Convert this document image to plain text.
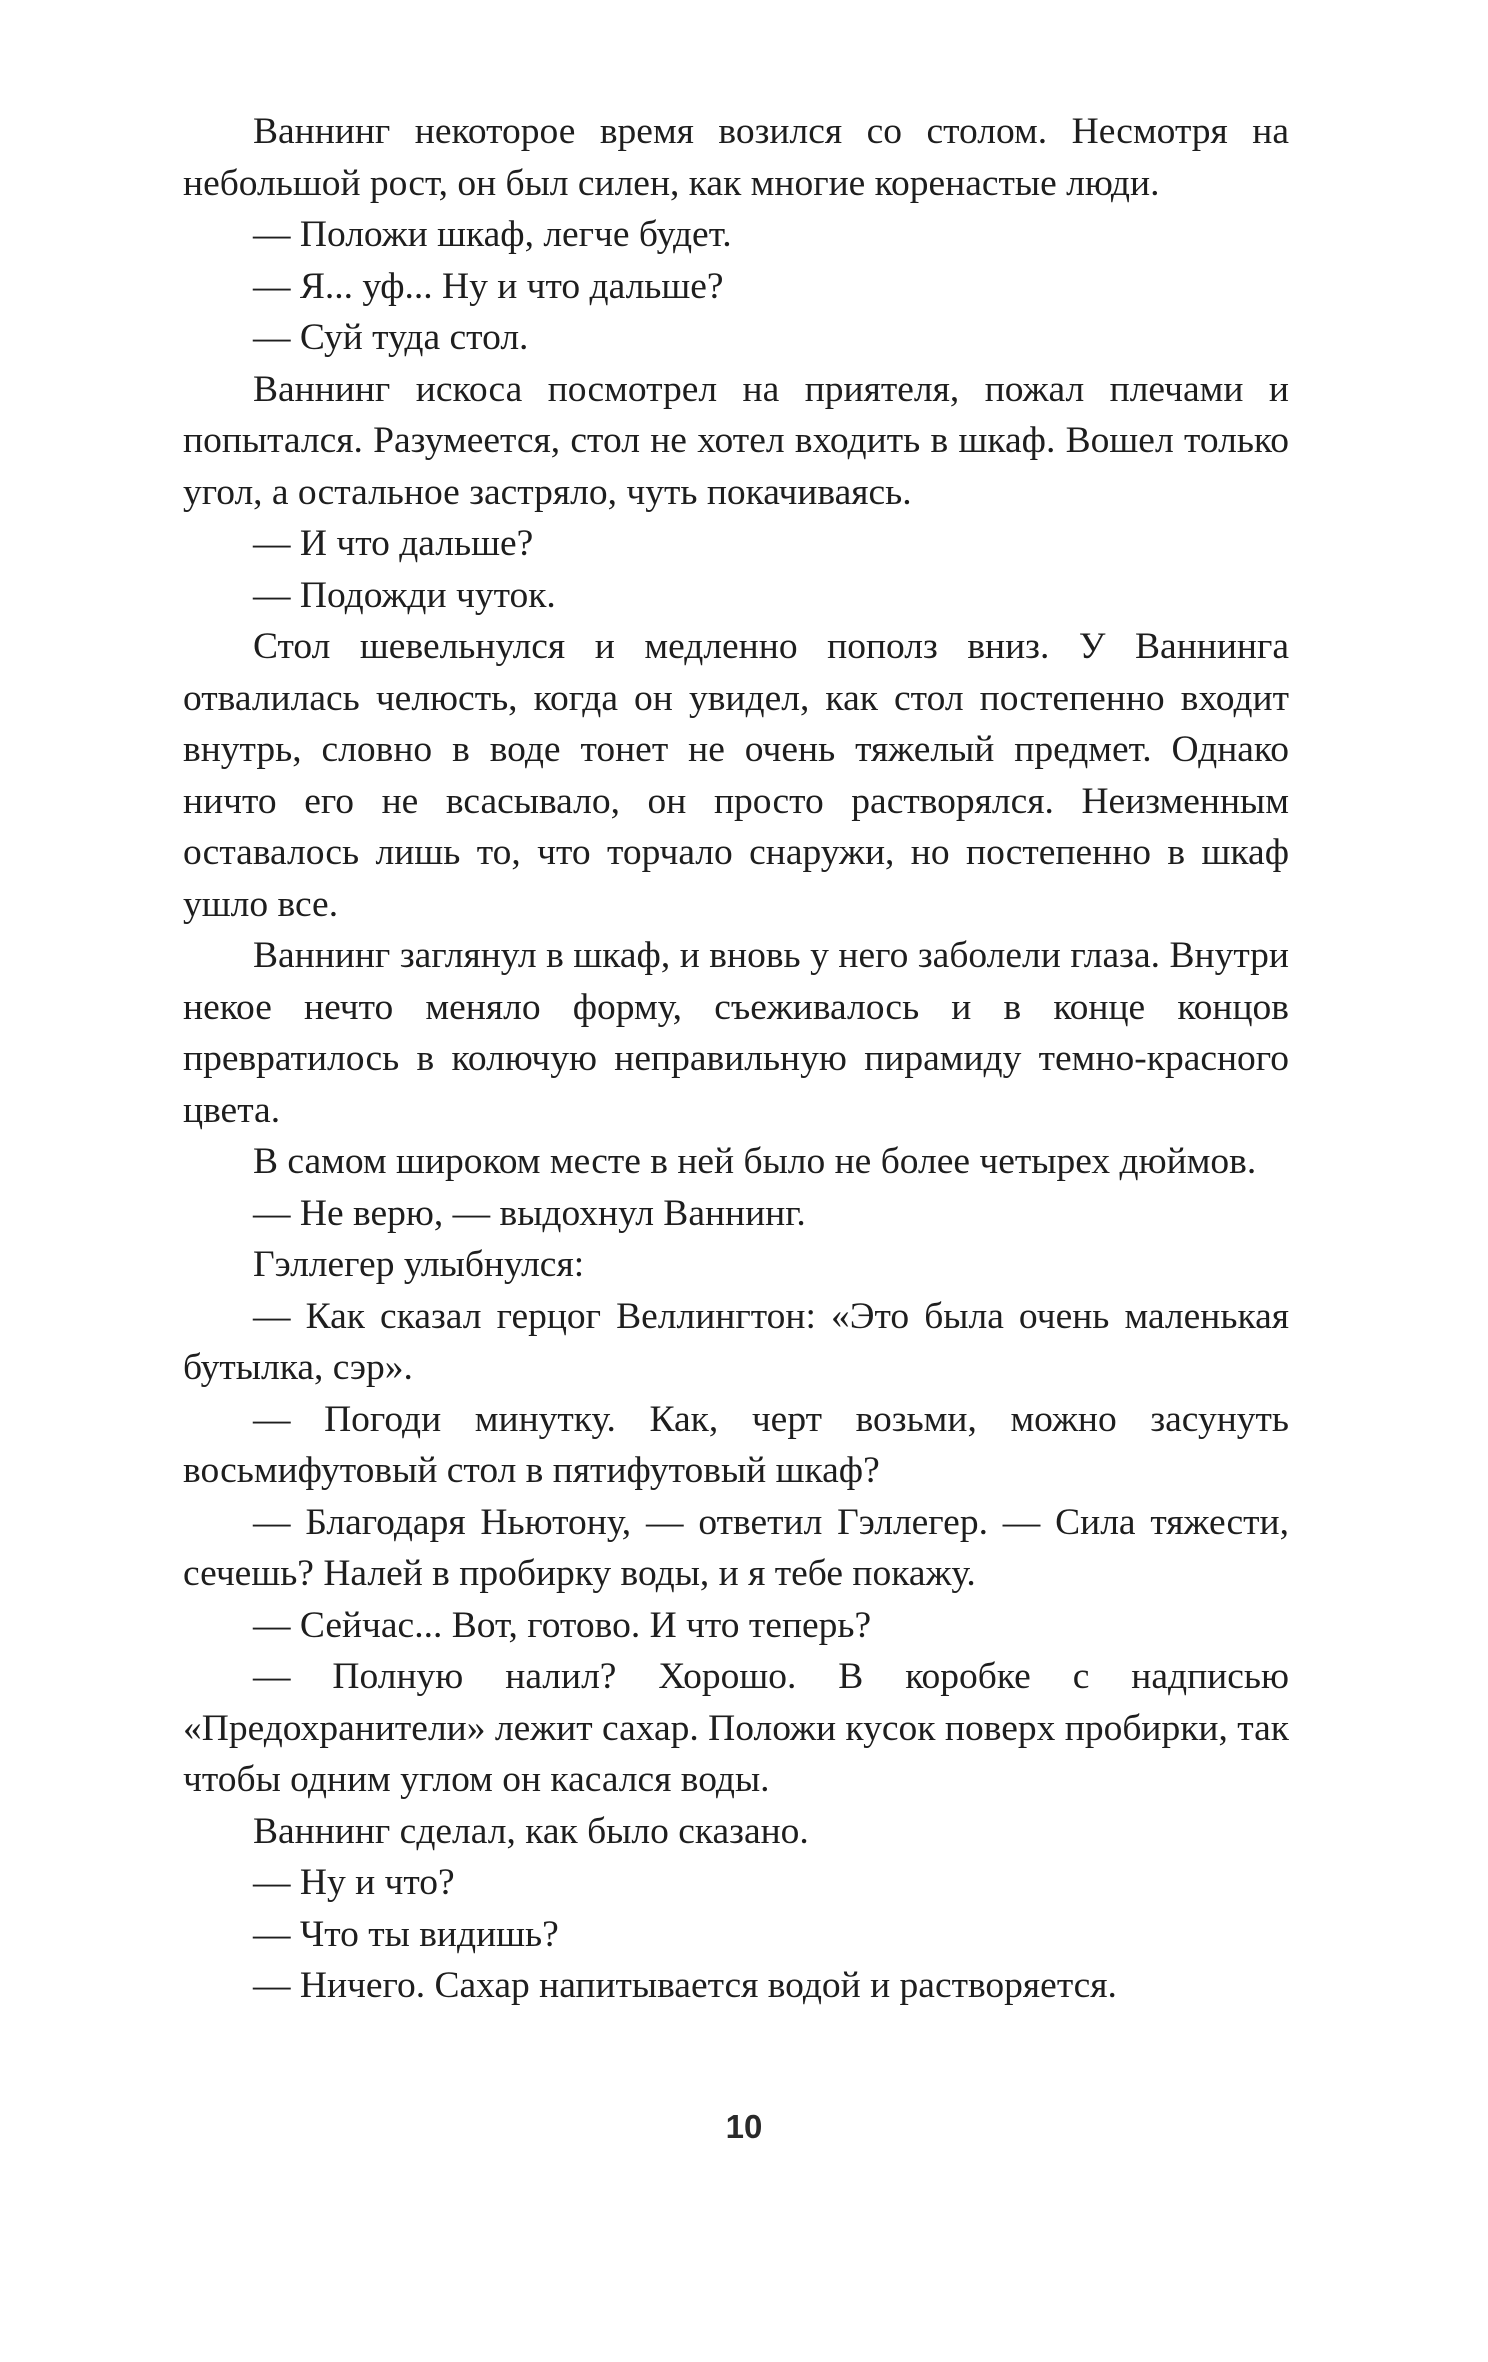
Ваннинг некоторое время возился со столом. Несмотря на небольшой рост, он был силен, как многие коренастые люди.

— Положи шкаф, легче будет.

— Я... уф... Ну и что дальше?

— Суй туда стол.

Ваннинг искоса посмотрел на приятеля, пожал плечами и попытался. Разумеется, стол не хотел входить в шкаф. Вошел только угол, а остальное застряло, чуть покачиваясь.

— И что дальше?

— Подожди чуток.

Стол шевельнулся и медленно пополз вниз. У Ваннинга отвалилась челюсть, когда он увидел, как стол постепенно входит внутрь, словно в воде тонет не очень тяжелый предмет. Однако ничто его не всасывало, он просто растворялся. Неизменным оставалось лишь то, что торчало снаружи, но постепенно в шкаф ушло все.

Ваннинг заглянул в шкаф, и вновь у него заболели глаза. Внутри некое нечто меняло форму, съеживалось и в конце концов превратилось в колючую неправильную пирамиду темно-красного цвета.

В самом широком месте в ней было не более четырех дюймов.

— Не верю, — выдохнул Ваннинг.

Гэллегер улыбнулся:

— Как сказал герцог Веллингтон: «Это была очень маленькая бутылка, сэр».

— Погоди минутку. Как, черт возьми, можно засунуть восьмифутовый стол в пятифутовый шкаф?

— Благодаря Ньютону, — ответил Гэллегер. — Сила тяжести, сечешь? Налей в пробирку воды, и я тебе покажу.

— Сейчас... Вот, готово. И что теперь?

— Полную налил? Хорошо. В коробке с надписью «Предохранители» лежит сахар. Положи кусок поверх пробирки, так чтобы одним углом он касался воды.

Ваннинг сделал, как было сказано.

— Ну и что?

— Что ты видишь?

— Ничего. Сахар напитывается водой и растворяется.

10
